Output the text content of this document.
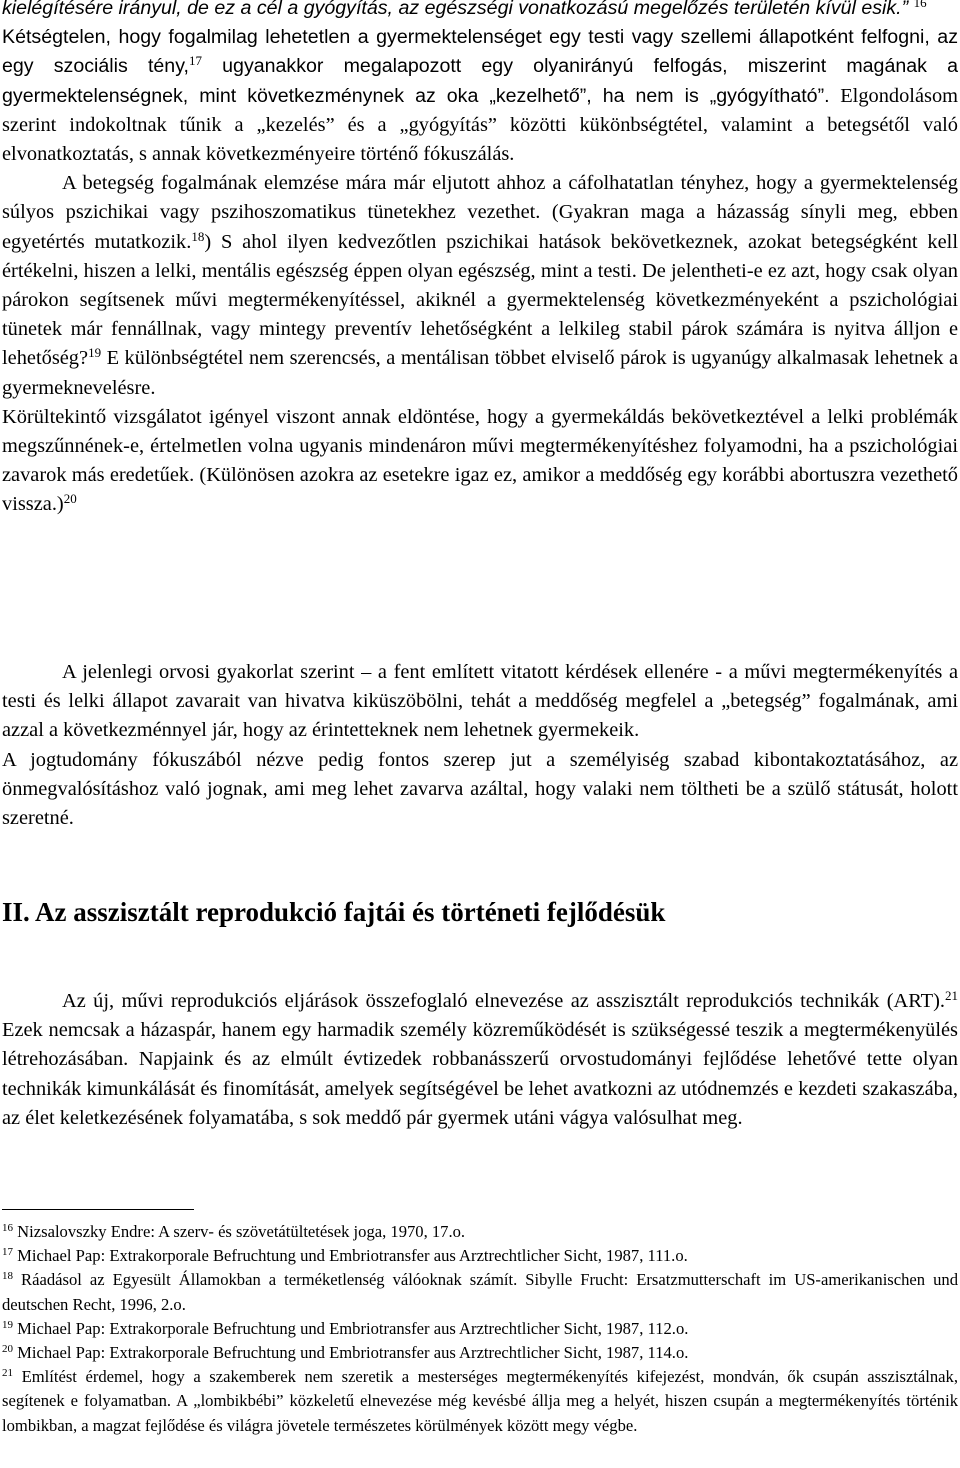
kielégítésére irányul, de ez a cél a gyógyítás, az egészségi vonatkozású megelőzés területén kívül esik.” $^{16}$

Kétségtelen, hogy fogalmilag lehetetlen a gyermektelenséget egy testi vagy szellemi állapotként felfogni, az egy szociális tény,$^{17}$ ugyanakkor megalapozott egy olyanirányú felfogás, miszerint magának a gyermektelenségnek, mint következménynek az oka „kezelhető”, ha nem is „gyógyítható”. Elgondolásom szerint indokoltnak tűnik a „kezelés” és a „gyógyítás” közötti kükönbségtétel, valamint a betegsétől való elvonatkoztatás, s annak következményeire történő fókuszálás.

A betegség fogalmának elemzése mára már eljutott ahhoz a cáfolhatatlan tényhez, hogy a gyermektelenség súlyos pszichikai vagy pszihoszomatikus tünetekhez vezethet. (Gyakran maga a házasság sínyli meg, ebben egyetértés mutatkozik.$^{18}$) S ahol ilyen kedvezőtlen pszichikai hatások bekövetkeznek, azokat betegségként kell értékelni, hiszen a lelki, mentális egészség éppen olyan egészség, mint a testi. De jelentheti-e ez azt, hogy csak olyan párokon segítsenek művi megtermékenyítéssel, akiknél a gyermektelenség következményeként a pszichológiai tünetek már fennállnak, vagy mintegy preventív lehetőségként a lelkileg stabil párok számára is nyitva álljon e lehetőség?$^{19}$ E különbségtétel nem szerencsés, a mentálisan többet elviselő párok is ugyanúgy alkalmasak lehetnek a gyermeknevelésre.

Körültekintő vizsgálatot igényel viszont annak eldöntése, hogy a gyermekáldás bekövetkeztével a lelki problémák megszűnnének-e, értelmetlen volna ugyanis mindenáron művi megtermékenyítéshez folyamodni, ha a pszichológiai zavarok más eredetűek. (Különösen azokra az esetekre igaz ez, amikor a meddőség egy korábbi abortuszra vezethető vissza.)$^{20}$

A jelenlegi orvosi gyakorlat szerint – a fent említett vitatott kérdések ellenére - a művi megtermékenyítés a testi és lelki állapot zavarait van hivatva kiküszöbölni, tehát a meddőség megfelel a „betegség” fogalmának, ami azzal a következménnyel jár, hogy az érintetteknek nem lehetnek gyermekeik.

A jogtudomány fókuszából nézve pedig fontos szerep jut a személyiség szabad kibontakoztatásához, az önmegvalósításhoz való jognak, ami meg lehet zavarva azáltal, hogy valaki nem töltheti be a szülő státusát, holott szeretné.

II. Az asszisztált reprodukció fajtái és történeti fejlődésük

Az új, művi reprodukciós eljárások összefoglaló elnevezése az asszisztált reprodukciós technikák (ART).$^{21}$ Ezek nemcsak a házaspár, hanem egy harmadik személy közreműködését is szükségessé teszik a megtermékenyülés létrehozásában. Napjaink és az elmúlt évtizedek robbanásszerű orvostudományi fejlődése lehetővé tette olyan technikák kimunkálását és finomítását, amelyek segítségével be lehet avatkozni az utódnemzés e kezdeti szakaszába, az élet keletkezésének folyamatába, s sok meddő pár gyermek utáni vágya valósulhat meg.

$^{16}$ Nizsalovszky Endre: A szerv- és szövetátültetések joga, 1970, 17.o.

$^{17}$ Michael Pap: Extrakorporale Befruchtung und Embriotransfer aus Arztrechtlicher Sicht, 1987, 111.o.

$^{18}$ Ráadásol az Egyesült Államokban a terméketlenség válóoknak számít. Sibylle Frucht: Ersatzmutterschaft im US-amerikanischen und deutschen Recht, 1996, 2.o.

$^{19}$ Michael Pap: Extrakorporale Befruchtung und Embriotransfer aus Arztrechtlicher Sicht, 1987, 112.o.

$^{20}$ Michael Pap: Extrakorporale Befruchtung und Embriotransfer aus Arztrechtlicher Sicht, 1987, 114.o.

$^{21}$ Említést érdemel, hogy a szakemberek nem szeretik a mesterséges megtermékenyítés kifejezést, mondván, ők csupán asszisztálnak, segítenek e folyamatban. A „lombikbébi” közkeletű elnevezése még kevésbé állja meg a helyét, hiszen csupán a megtermékenyítés történik lombikban, a magzat fejlődése és világra jövetele természetes körülmények között megy végbe.
